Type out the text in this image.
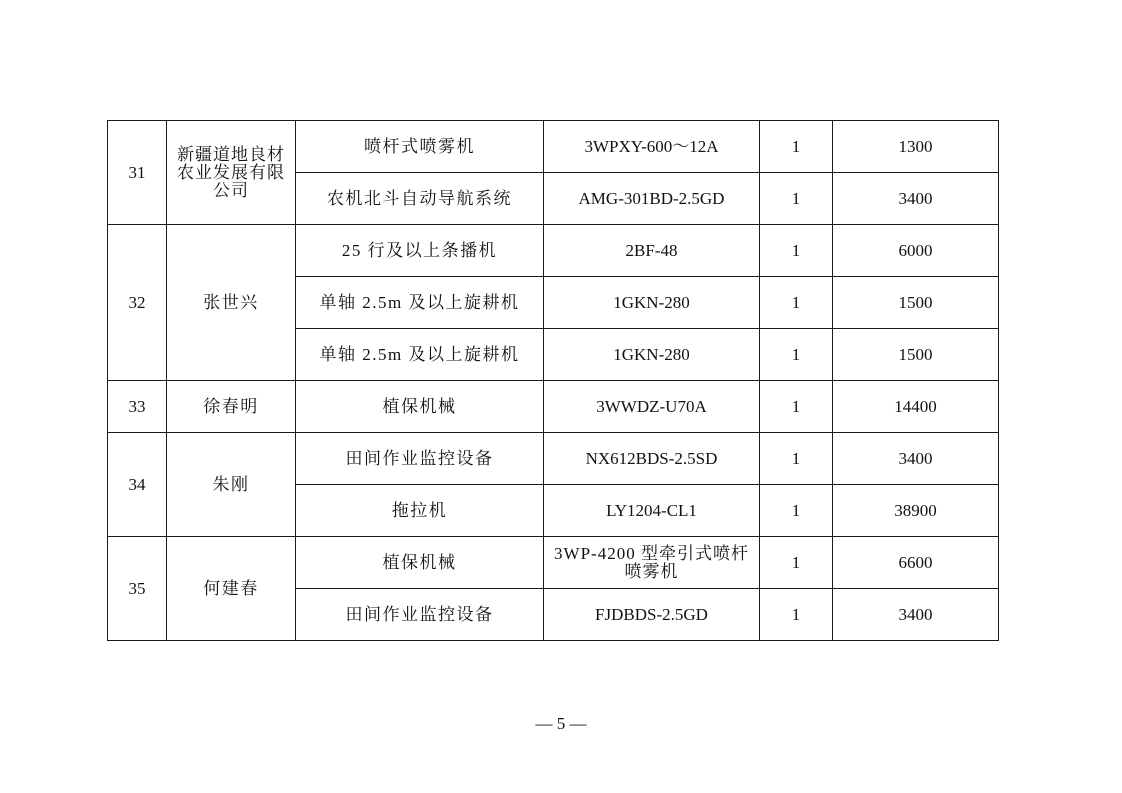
31	新疆道地良材农业发展有限公司	喷杆式喷雾机	3WPXY-600～12A	1	1300
		农机北斗自动导航系统	AMG-301BD-2.5GD	1	3400
32	张世兴	25 行及以上条播机	2BF-48	1	6000
		单轴 2.5m 及以上旋耕机	1GKN-280	1	1500
		单轴 2.5m 及以上旋耕机	1GKN-280	1	1500
33	徐春明	植保机械	3WWDZ-U70A	1	14400
34	朱刚	田间作业监控设备	NX612BDS-2.5SD	1	3400
		拖拉机	LY1204-CL1	1	38900
35	何建春	植保机械	3WP-4200 型牵引式喷杆喷雾机	1	6600
		田间作业监控设备	FJDBDS-2.5GD	1	3400
— 5 —
